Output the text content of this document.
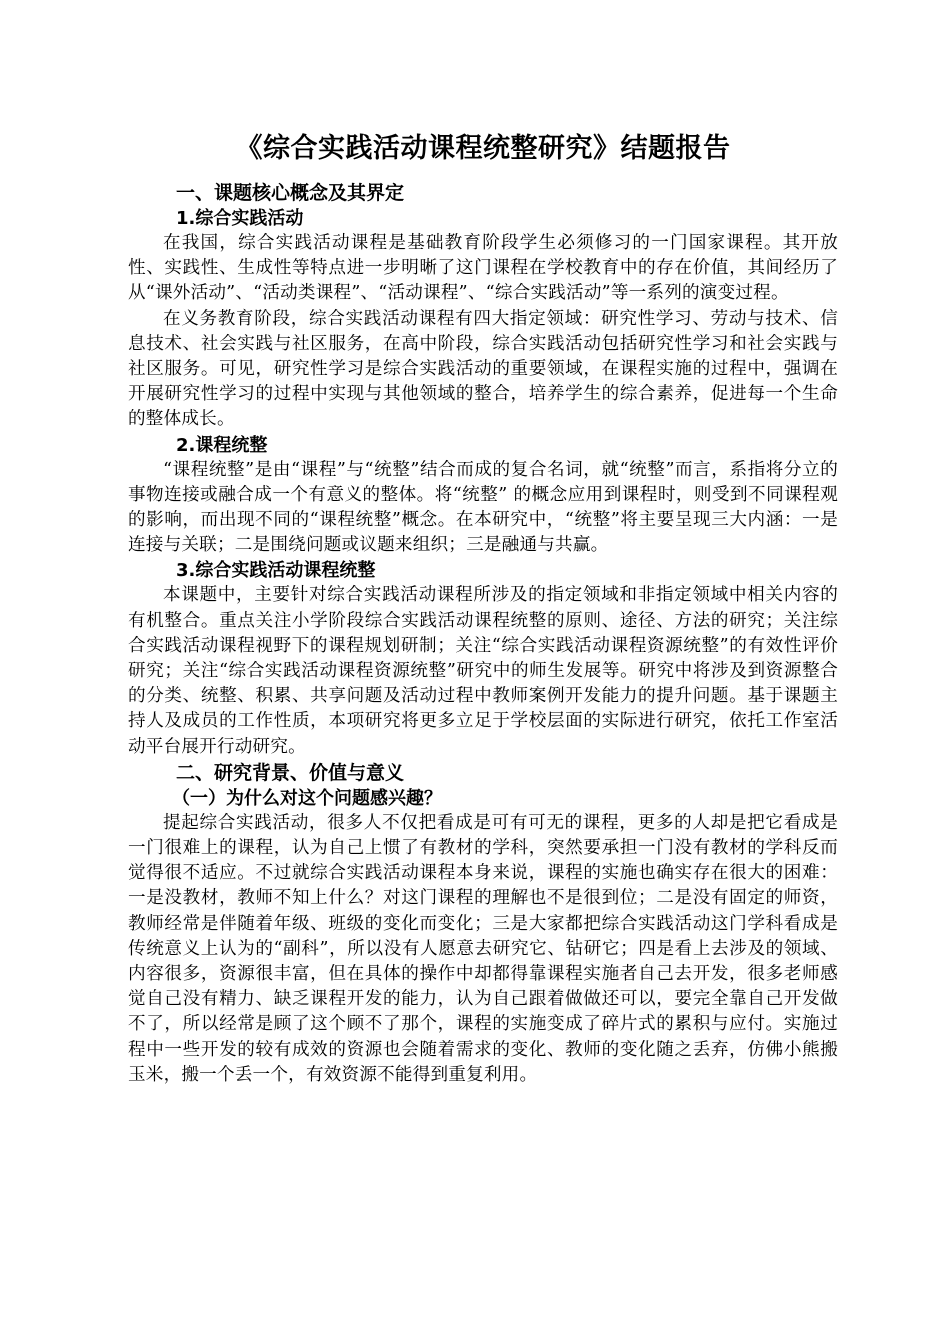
《综合实践活动课程统整研究》结题报告
一、课题核心概念及其界定
1.综合实践活动

在我国，综合实践活动课程是基础教育阶段学生必须修习的一门国家课程。其开放性、实践性、生成性等特点进一步明晰了这门课程在学校教育中的存在价值，其间经历了从“课外活动”、“活动类课程”、“活动课程”、“综合实践活动”等一系列的演变过程。

在义务教育阶段，综合实践活动课程有四大指定领域：研究性学习、劳动与技术、信息技术、社会实践与社区服务，在高中阶段，综合实践活动包括研究性学习和社会实践与社区服务。可见，研究性学习是综合实践活动的重要领域，在课程实施的过程中，强调在开展研究性学习的过程中实现与其他领域的整合，培养学生的综合素养，促进每一个生命的整体成长。

2.课程统整

“课程统整”是由“课程”与“统整”结合而成的复合名词，就“统整”而言，系指将分立的事物连接或融合成一个有意义的整体。将“统整” 的概念应用到课程时，则受到不同课程观的影响，而出现不同的“课程统整”概念。在本研究中，“统整”将主要呈现三大内涵：一是连接与关联；二是围绕问题或议题来组织；三是融通与共赢。

3.综合实践活动课程统整

本课题中，主要针对综合实践活动课程所涉及的指定领域和非指定领域中相关内容的有机整合。重点关注小学阶段综合实践活动课程统整的原则、途径、方法的研究；关注综合实践活动课程视野下的课程规划研制；关注“综合实践活动课程资源统整”的有效性评价研究；关注“综合实践活动课程资源统整”研究中的师生发展等。研究中将涉及到资源整合的分类、统整、积累、共享问题及活动过程中教师案例开发能力的提升问题。基于课题主持人及成员的工作性质，本项研究将更多立足于学校层面的实际进行研究，依托工作室活动平台展开行动研究。

二、研究背景、价值与意义
（一）为什么对这个问题感兴趣？

提起综合实践活动，很多人不仅把看成是可有可无的课程，更多的人却是把它看成是一门很难上的课程，认为自己上惯了有教材的学科，突然要承担一门没有教材的学科反而觉得很不适应。不过就综合实践活动课程本身来说，课程的实施也确实存在很大的困难：一是没教材，教师不知上什么？对这门课程的理解也不是很到位；二是没有固定的师资，教师经常是伴随着年级、班级的变化而变化；三是大家都把综合实践活动这门学科看成是传统意义上认为的“副科”，所以没有人愿意去研究它、钻研它；四是看上去涉及的领域、内容很多，资源很丰富，但在具体的操作中却都得靠课程实施者自己去开发，很多老师感觉自己没有精力、缺乏课程开发的能力，认为自己跟着做做还可以，要完全靠自己开发做不了，所以经常是顾了这个顾不了那个，课程的实施变成了碎片式的累积与应付。实施过程中一些开发的较有成效的资源也会随着需求的变化、教师的变化随之丢弃，仿佛小熊搬玉米，搬一个丢一个，有效资源不能得到重复利用。
